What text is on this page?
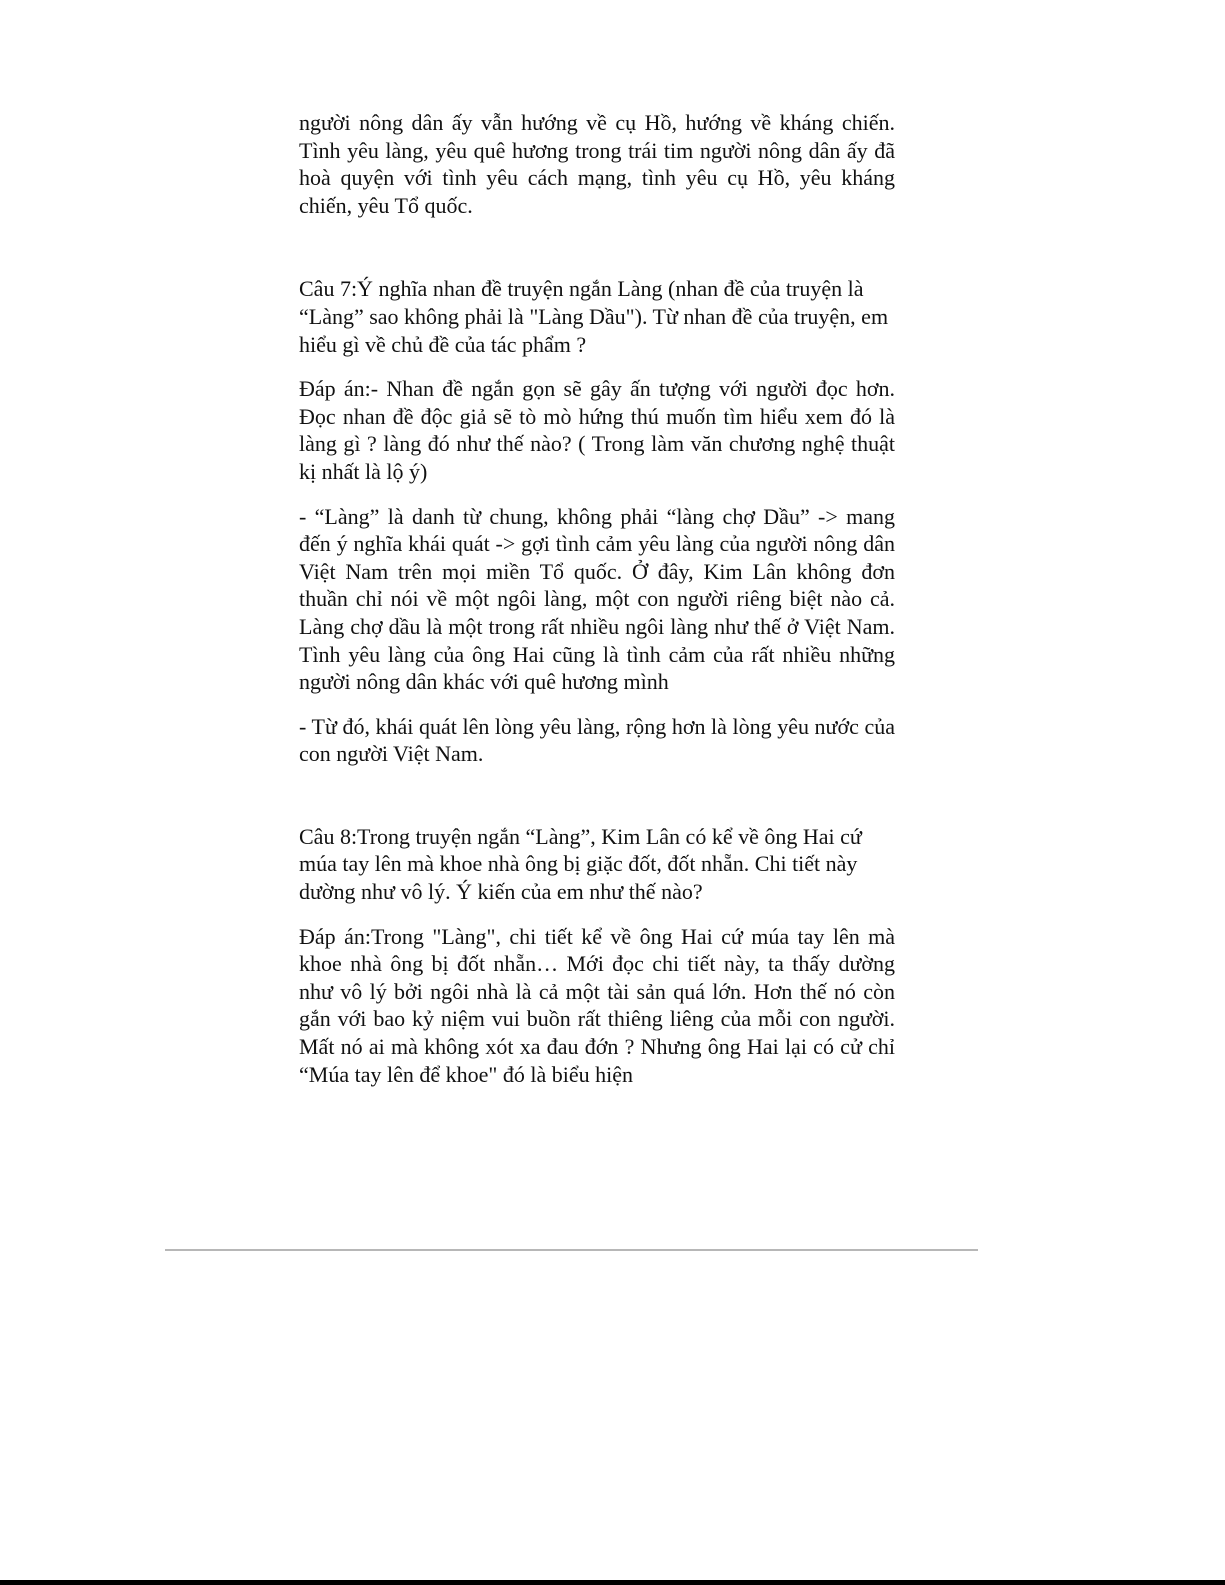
người nông dân ấy vẫn hướng về cụ Hồ, hướng về kháng chiến. Tình yêu làng, yêu quê hương trong trái tim người nông dân ấy đã hoà quyện với tình yêu cách mạng, tình yêu cụ Hồ, yêu kháng chiến, yêu Tổ quốc.

Câu 7:Ý nghĩa nhan đề truyện ngắn Làng (nhan đề của truyện là “Làng” sao không phải là "Làng Dầu"). Từ nhan đề của truyện, em hiểu gì về chủ đề của tác phẩm ?

Đáp án:- Nhan đề ngắn gọn sẽ gây ấn tượng với người đọc hơn. Đọc nhan đề độc giả sẽ tò mò hứng thú muốn tìm hiểu xem đó là làng gì ? làng đó như thế nào? ( Trong làm văn chương nghệ thuật kị nhất là lộ ý)

- “Làng” là danh từ chung, không phải “làng chợ Dầu” -> mang đến ý nghĩa khái quát -> gợi tình cảm yêu làng của người nông dân Việt Nam trên mọi miền Tổ quốc. Ở đây, Kim Lân không đơn thuần chỉ nói về một ngôi làng, một con người riêng biệt nào cả. Làng chợ dầu là một trong rất nhiều ngôi làng như thế ở Việt Nam. Tình yêu làng của ông Hai cũng là tình cảm của rất nhiều những người nông dân khác với quê hương mình

- Từ đó, khái quát lên lòng yêu làng, rộng hơn là lòng yêu nước của con người Việt Nam.

Câu 8:Trong truyện ngắn “Làng”, Kim Lân có kể về ông Hai cứ múa tay lên mà khoe nhà ông bị giặc đốt, đốt nhẵn. Chi tiết này dường như vô lý. Ý kiến của em như thế nào?

Đáp án:Trong "Làng", chi tiết kể về ông Hai cứ múa tay lên mà khoe nhà ông bị đốt nhẵn… Mới đọc chi tiết này, ta thấy dường như vô lý bởi ngôi nhà là cả một tài sản quá lớn. Hơn thế nó còn gắn với bao kỷ niệm vui buồn rất thiêng liêng của mỗi con người. Mất nó ai mà không xót xa đau đớn ? Nhưng ông Hai lại có cử chỉ “Múa tay lên để khoe" đó là biểu hiện
